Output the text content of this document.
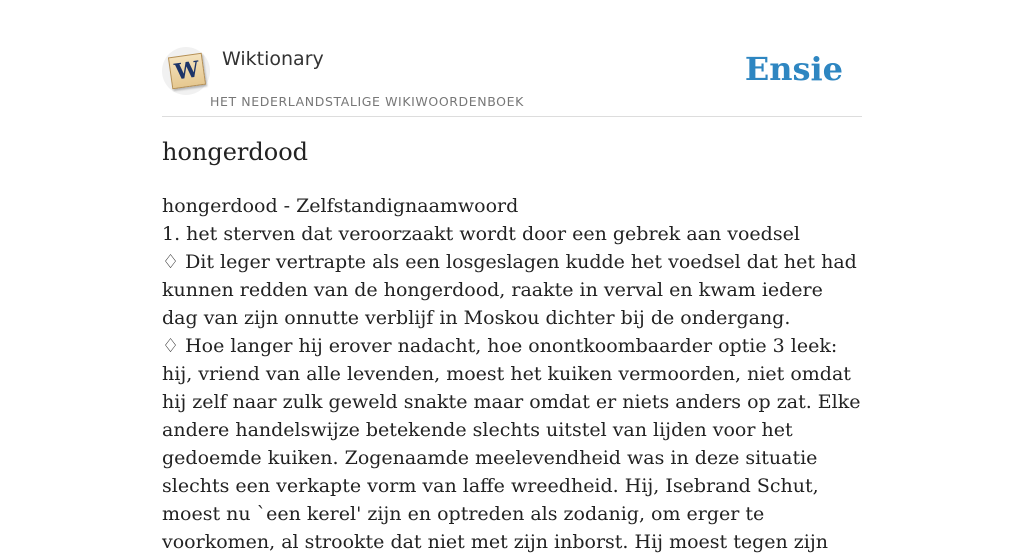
W Wiktionary
HET NEDERLANDSTALIGE WIKIWOORDENBOEK
Ensie
hongerdood

hongerdood - Zelfstandignaamwoord

1. het sterven dat veroorzaakt wordt door een gebrek aan voedsel

♢ Dit leger vertrapte als een losgeslagen kudde het voedsel dat het had kunnen redden van de hongerdood, raakte in verval en kwam iedere dag van zijn onnutte verblijf in Moskou dichter bij de ondergang.

♢ Hoe langer hij erover nadacht, hoe onontkoombaarder optie 3 leek: hij, vriend van alle levenden, moest het kuiken vermoorden, niet omdat hij zelf naar zulk geweld snakte maar omdat er niets anders op zat. Elke andere handelswijze betekende slechts uitstel van lijden voor het gedoemde kuiken. Zogenaamde meelevendheid was in deze situatie slechts een verkapte vorm van laffe wreedheid. Hij, Isebrand Schut, moest nu `een kerel' zijn en optreden als zodanig, om erger te voorkomen, al strookte dat niet met zijn inborst. Hij moest tegen zijn
